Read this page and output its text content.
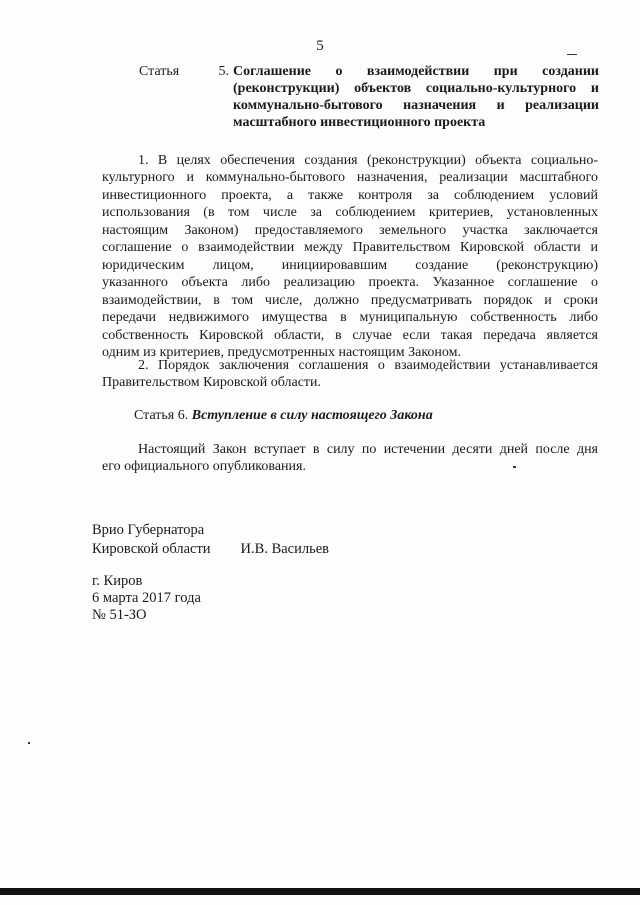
5
Статья	5. Соглашение о взаимодействии при создании
(реконструкции) объектов социально-культурного и коммунально-бытового назначения и реализации масштабного инвестиционного проекта
1. В целях обеспечения создания (реконструкции) объекта социально-
культурного и коммунально-бытового назначения, реализации масштабного
инвестиционного проекта, а также контроля за соблюдением условий
использования (в том числе за соблюдением критериев, установленных
настоящим Законом) предоставляемого земельного участка заключается
соглашение о взаимодействии между Правительством Кировской области и
юридическим лицом, инициировавшим создание (реконструкцию)
указанного объекта либо реализацию проекта. Указанное соглашение о
взаимодействии, в том числе, должно предусматривать порядок и сроки
передачи недвижимого имущества в муниципальную собственность либо
собственность Кировской области, в случае если такая передача является
одним из критериев, предусмотренных настоящим Законом.
2. Порядок заключения соглашения о взаимодействии устанавливается
Правительством Кировской области.
Статья 6. Вступление в силу настоящего Закона
Настоящий Закон вступает в силу по истечении десяти дней после дня
его официального опубликования.
Врио Губернатора
Кировской области И.В. Васильев
г. Киров
6 марта 2017 года
№ 51-ЗО
